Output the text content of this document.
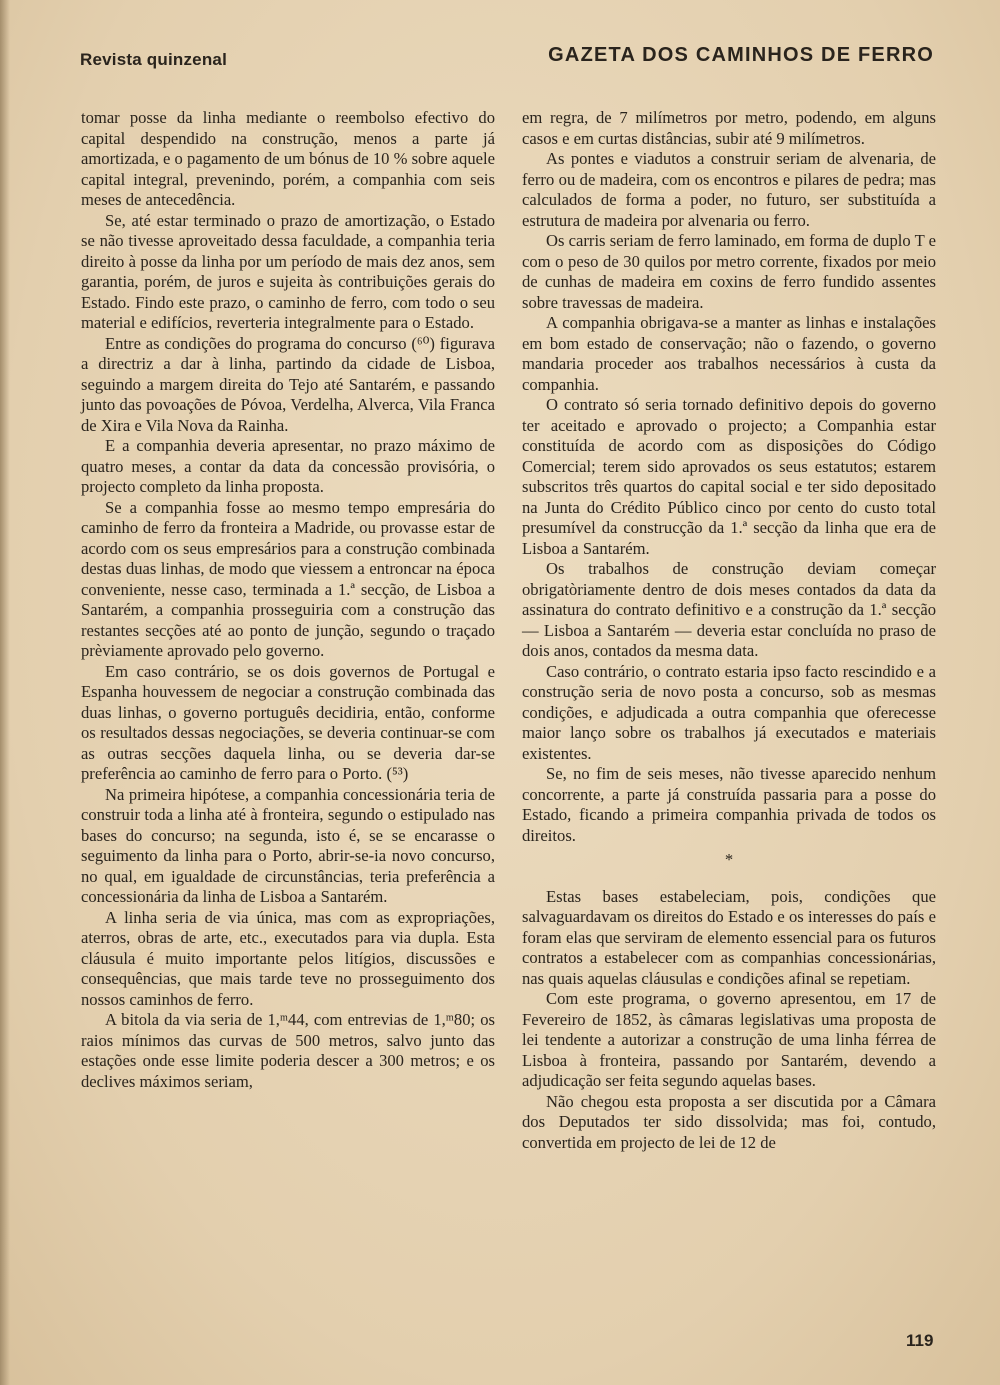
Revista quinzenal	GAZETA DOS CAMINHOS DE FERRO

tomar posse da linha mediante o reembolso efectivo do capital despendido na construção, menos a parte já amortizada, e o pagamento de um bónus de 10 % sobre aquele capital integral, prevenindo, porém, a companhia com seis meses de antecedência.

Se, até estar terminado o prazo de amortização, o Estado se não tivesse aproveitado dessa faculdade, a companhia teria direito à posse da linha por um período de mais dez anos, sem garantia, porém, de juros e sujeita às contribuições gerais do Estado. Findo este prazo, o caminho de ferro, com todo o seu material e edifícios, reverteria integralmente para o Estado.

Entre as condições do programa do concurso (⁶⁰) figurava a directriz a dar à linha, partindo da cidade de Lisboa, seguindo a margem direita do Tejo até Santarém, e passando junto das povoações de Póvoa, Verdelha, Alverca, Vila Franca de Xira e Vila Nova da Rainha.

E a companhia deveria apresentar, no prazo máximo de quatro meses, a contar da data da concessão provisória, o projecto completo da linha proposta.

Se a companhia fosse ao mesmo tempo empresária do caminho de ferro da fronteira a Madride, ou provasse estar de acordo com os seus empresários para a construção combinada destas duas linhas, de modo que viessem a entroncar na época conveniente, nesse caso, terminada a 1.ª secção, de Lisboa a Santarém, a companhia prosseguiria com a construção das restantes secções até ao ponto de junção, segundo o traçado prèviamente aprovado pelo governo.

Em caso contrário, se os dois governos de Portugal e Espanha houvessem de negociar a construção combinada das duas linhas, o governo português decidiria, então, conforme os resultados dessas negociações, se deveria continuar-se com as outras secções daquela linha, ou se deveria dar-se preferência ao caminho de ferro para o Porto. (⁵³)

Na primeira hipótese, a companhia concessionária teria de construir toda a linha até à fronteira, segundo o estipulado nas bases do concurso; na segunda, isto é, se se encarasse o seguimento da linha para o Porto, abrir-se-ia novo concurso, no qual, em igualdade de circunstâncias, teria preferência a concessionária da linha de Lisboa a Santarém.

A linha seria de via única, mas com as expropriações, aterros, obras de arte, etc., executados para via dupla. Esta cláusula é muito importante pelos litígios, discussões e consequências, que mais tarde teve no prosseguimento dos nossos caminhos de ferro.

A bitola da via seria de 1,ᵐ44, com entrevias de 1,ᵐ80; os raios mínimos das curvas de 500 metros, salvo junto das estações onde esse limite poderia descer a 300 metros; e os declives máximos seriam,

em regra, de 7 milímetros por metro, podendo, em alguns casos e em curtas distâncias, subir até 9 milímetros.

As pontes e viadutos a construir seriam de alvenaria, de ferro ou de madeira, com os encontros e pilares de pedra; mas calculados de forma a poder, no futuro, ser substituída a estrutura de madeira por alvenaria ou ferro.

Os carris seriam de ferro laminado, em forma de duplo T e com o peso de 30 quilos por metro corrente, fixados por meio de cunhas de madeira em coxins de ferro fundido assentes sobre travessas de madeira.

A companhia obrigava-se a manter as linhas e instalações em bom estado de conservação; não o fazendo, o governo mandaria proceder aos trabalhos necessários à custa da companhia.

O contrato só seria tornado definitivo depois do governo ter aceitado e aprovado o projecto; a Companhia estar constituída de acordo com as disposições do Código Comercial; terem sido aprovados os seus estatutos; estarem subscritos três quartos do capital social e ter sido depositado na Junta do Crédito Público cinco por cento do custo total presumível da construcção da 1.ª secção da linha que era de Lisboa a Santarém.

Os trabalhos de construção deviam começar obrigatòriamente dentro de dois meses contados da data da assinatura do contrato definitivo e a construção da 1.ª secção — Lisboa a Santarém — deveria estar concluída no praso de dois anos, contados da mesma data.

Caso contrário, o contrato estaria ipso facto rescindido e a construção seria de novo posta a concurso, sob as mesmas condições, e adjudicada a outra companhia que oferecesse maior lanço sobre os trabalhos já executados e materiais existentes.

Se, no fim de seis meses, não tivesse aparecido nenhum concorrente, a parte já construída passaria para a posse do Estado, ficando a primeira companhia privada de todos os direitos.

*

Estas bases estabeleciam, pois, condições que salvaguardavam os direitos do Estado e os interesses do país e foram elas que serviram de elemento essencial para os futuros contratos a estabelecer com as companhias concessionárias, nas quais aquelas cláusulas e condições afinal se repetiam.

Com este programa, o governo apresentou, em 17 de Fevereiro de 1852, às câmaras legislativas uma proposta de lei tendente a autorizar a construção de uma linha férrea de Lisboa à fronteira, passando por Santarém, devendo a adjudicação ser feita segundo aquelas bases.

Não chegou esta proposta a ser discutida por a Câmara dos Deputados ter sido dissolvida; mas foi, contudo, convertida em projecto de lei de 12 de

119
